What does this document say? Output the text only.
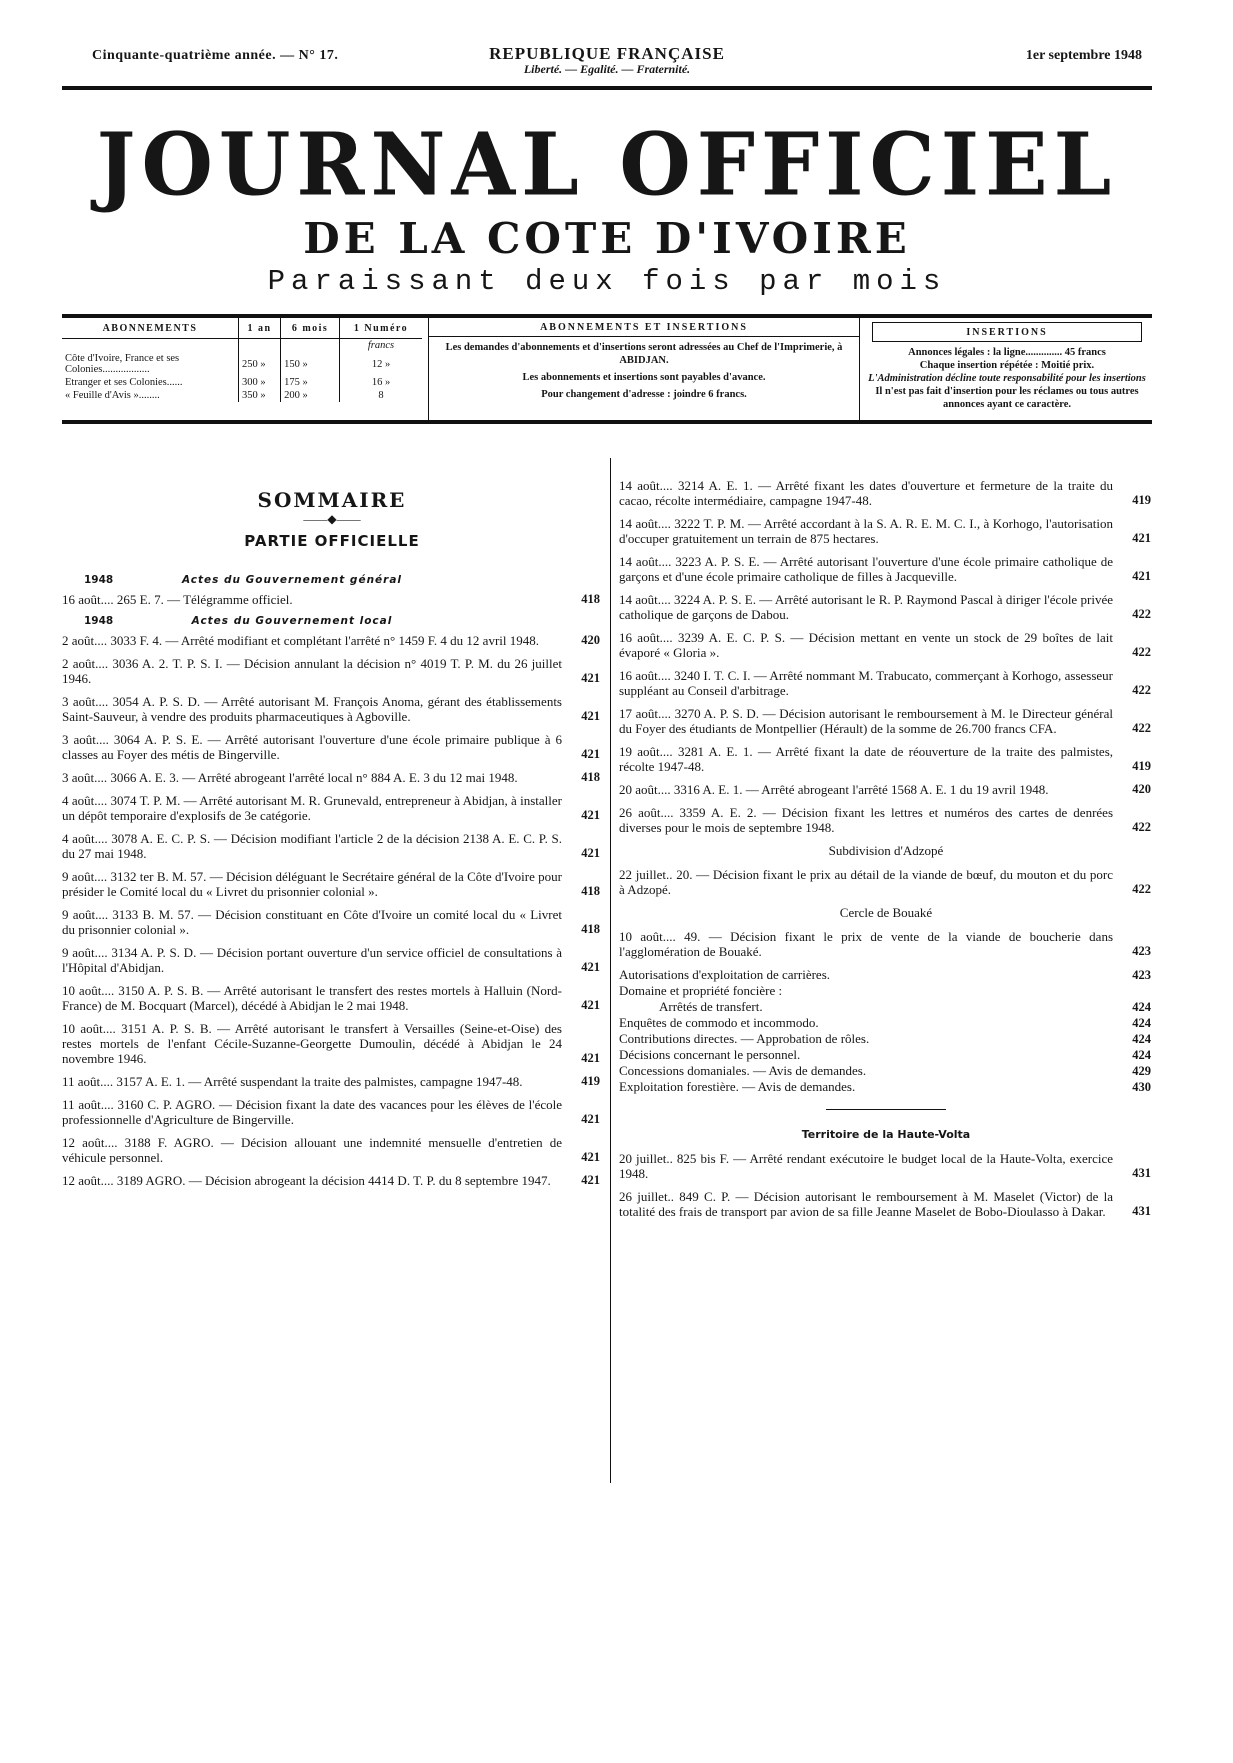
Cinquante-quatrième année. — N° 17.	REPUBLIQUE FRANÇAISE	1er septembre 1948
Liberté. — Egalité. — Fraternité.
JOURNAL OFFICIEL
DE LA COTE D'IVOIRE
Paraissant deux fois par mois
ABONNEMENTS	1 an	6 mois	1 Numéro
			francs
Côte d'Ivoire, France et ses Colonies..................	250 »	150 »	12 »
Etranger et ses Colonies......	300 »	175 »	16 »
« Feuille d'Avis »........	350 »	200 »	8
ABONNEMENTS ET INSERTIONS

Les demandes d'abonnements et d'insertions seront adressées au Chef de l'Imprimerie, à ABIDJAN.

Les abonnements et insertions sont payables d'avance.

Pour changement d'adresse : joindre 6 francs.

INSERTIONS

Annonces légales : la ligne.............. 45 francs

Chaque insertion répétée : Moitié prix.

L'Administration décline toute responsabilité pour les insertions

Il n'est pas fait d'insertion pour les réclames ou tous autres annonces ayant ce caractère.

SOMMAIRE
——◆——
PARTIE OFFICIELLE
1948	Actes du Gouvernement général
16 août.... 265 E. 7. — Télégramme officiel.	418
1948	Actes du Gouvernement local
2 août.... 3033 F. 4. — Arrêté modifiant et complétant l'arrêté n° 1459 F. 4 du 12 avril 1948.	420
2 août.... 3036 A. 2. T. P. S. I. — Décision annulant la décision n° 4019 T. P. M. du 26 juillet 1946.	421
3 août.... 3054 A. P. S. D. — Arrêté autorisant M. François Anoma, gérant des établissements Saint-Sauveur, à vendre des produits pharmaceutiques à Agboville.	421
3 août.... 3064 A. P. S. E. — Arrêté autorisant l'ouverture d'une école primaire publique à 6 classes au Foyer des métis de Bingerville.	421
3 août.... 3066 A. E. 3. — Arrêté abrogeant l'arrêté local n° 884 A. E. 3 du 12 mai 1948.	418
4 août.... 3074 T. P. M. — Arrêté autorisant M. R. Grunevald, entrepreneur à Abidjan, à installer un dépôt temporaire d'explosifs de 3e catégorie.	421
4 août.... 3078 A. E. C. P. S. — Décision modifiant l'article 2 de la décision 2138 A. E. C. P. S. du 27 mai 1948.	421
9 août.... 3132 ter B. M. 57. — Décision déléguant le Secrétaire général de la Côte d'Ivoire pour présider le Comité local du « Livret du prisonnier colonial ».	418
9 août.... 3133 B. M. 57. — Décision constituant en Côte d'Ivoire un comité local du « Livret du prisonnier colonial ».	418
9 août.... 3134 A. P. S. D. — Décision portant ouverture d'un service officiel de consultations à l'Hôpital d'Abidjan.	421
10 août.... 3150 A. P. S. B. — Arrêté autorisant le transfert des restes mortels à Halluin (Nord-France) de M. Bocquart (Marcel), décédé à Abidjan le 2 mai 1948.	421
10 août.... 3151 A. P. S. B. — Arrêté autorisant le transfert à Versailles (Seine-et-Oise) des restes mortels de l'enfant Cécile-Suzanne-Georgette Dumoulin, décédé à Abidjan le 24 novembre 1946.	421
11 août.... 3157 A. E. 1. — Arrêté suspendant la traite des palmistes, campagne 1947-48.	419
11 août.... 3160 C. P. AGRO. — Décision fixant la date des vacances pour les élèves de l'école professionnelle d'Agriculture de Bingerville.	421
12 août.... 3188 F. AGRO. — Décision allouant une indemnité mensuelle d'entretien de véhicule personnel.	421
12 août.... 3189 AGRO. — Décision abrogeant la décision 4414 D. T. P. du 8 septembre 1947.	421
14 août.... 3214 A. E. 1. — Arrêté fixant les dates d'ouverture et fermeture de la traite du cacao, récolte intermédiaire, campagne 1947-48.	419
14 août.... 3222 T. P. M. — Arrêté accordant à la S. A. R. E. M. C. I., à Korhogo, l'autorisation d'occuper gratuitement un terrain de 875 hectares.	421
14 août.... 3223 A. P. S. E. — Arrêté autorisant l'ouverture d'une école primaire catholique de garçons et d'une école primaire catholique de filles à Jacqueville.	421
14 août.... 3224 A. P. S. E. — Arrêté autorisant le R. P. Raymond Pascal à diriger l'école privée catholique de garçons de Dabou.	422
16 août.... 3239 A. E. C. P. S. — Décision mettant en vente un stock de 29 boîtes de lait évaporé « Gloria ».	422
16 août.... 3240 I. T. C. I. — Arrêté nommant M. Trabucato, commerçant à Korhogo, assesseur suppléant au Conseil d'arbitrage.	422
17 août.... 3270 A. P. S. D. — Décision autorisant le remboursement à M. le Directeur général du Foyer des étudiants de Montpellier (Hérault) de la somme de 26.700 francs CFA.	422
19 août.... 3281 A. E. 1. — Arrêté fixant la date de réouverture de la traite des palmistes, récolte 1947-48.	419
20 août.... 3316 A. E. 1. — Arrêté abrogeant l'arrêté 1568 A. E. 1 du 19 avril 1948.	420
26 août.... 3359 A. E. 2. — Décision fixant les lettres et numéros des cartes de denrées diverses pour le mois de septembre 1948.	422
Subdivision d'Adzopé
22 juillet.. 20. — Décision fixant le prix au détail de la viande de bœuf, du mouton et du porc à Adzopé.	422
Cercle de Bouaké
10 août.... 49. — Décision fixant le prix de vente de la viande de boucherie dans l'agglomération de Bouaké.	423
Autorisations d'exploitation de carrières.	423
Domaine et propriété foncière :
Arrêtés de transfert.	424
Enquêtes de commodo et incommodo.	424
Contributions directes. — Approbation de rôles.	424
Décisions concernant le personnel.	424
Concessions domaniales. — Avis de demandes.	429
Exploitation forestière. — Avis de demandes.	430
Territoire de la Haute-Volta
20 juillet.. 825 bis F. — Arrêté rendant exécutoire le budget local de la Haute-Volta, exercice 1948.	431
26 juillet.. 849 C. P. — Décision autorisant le remboursement à M. Maselet (Victor) de la totalité des frais de transport par avion de sa fille Jeanne Maselet de Bobo-Dioulasso à Dakar.	431
